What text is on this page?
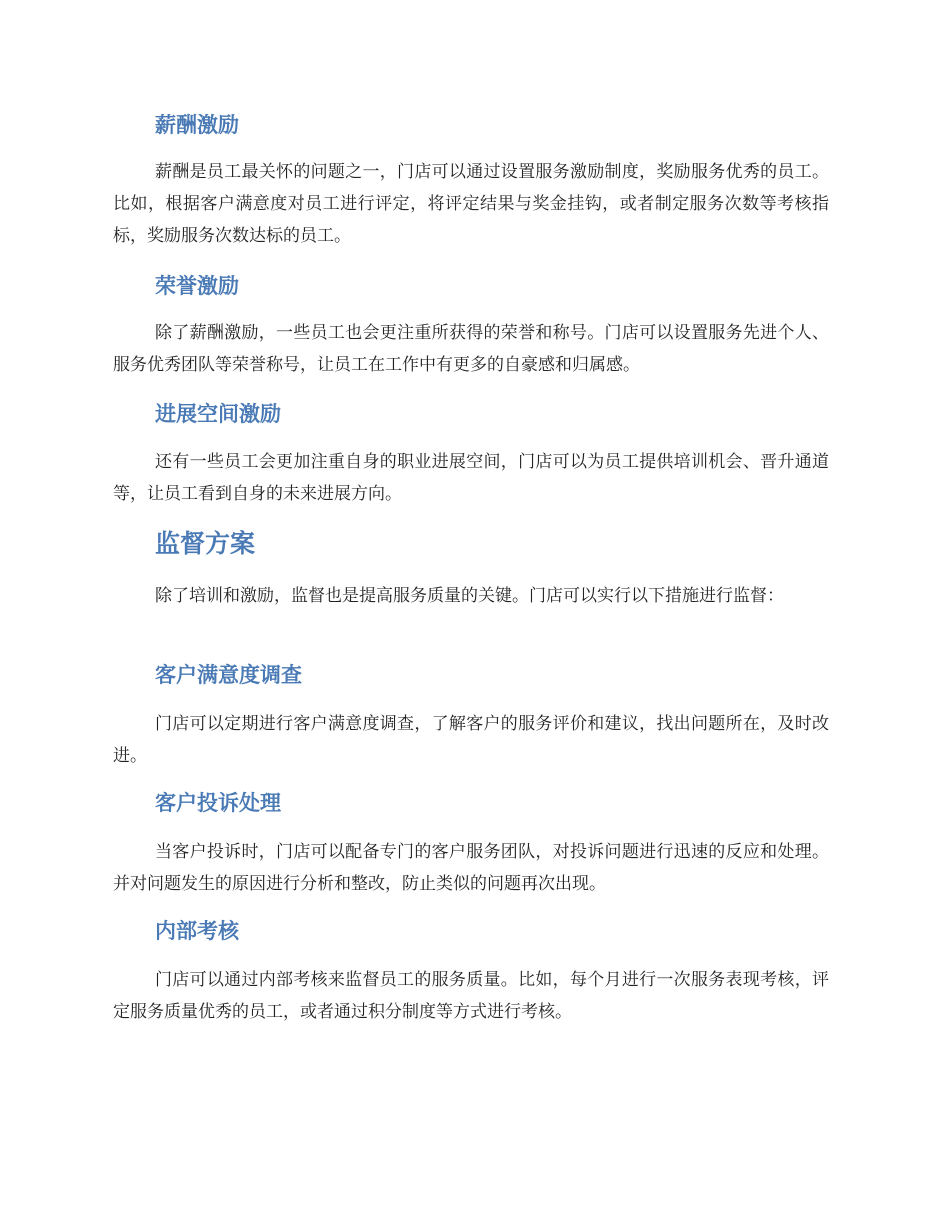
薪酬激励

薪酬是员工最关怀的问题之一，门店可以通过设置服务激励制度，奖励服务优秀的员工。比如，根据客户满意度对员工进行评定，将评定结果与奖金挂钩，或者制定服务次数等考核指标，奖励服务次数达标的员工。

荣誉激励

除了薪酬激励，一些员工也会更注重所获得的荣誉和称号。门店可以设置服务先进个人、服务优秀团队等荣誉称号，让员工在工作中有更多的自豪感和归属感。

进展空间激励

还有一些员工会更加注重自身的职业进展空间，门店可以为员工提供培训机会、晋升通道等，让员工看到自身的未来进展方向。

监督方案

除了培训和激励，监督也是提高服务质量的关键。门店可以实行以下措施进行监督：

客户满意度调查

门店可以定期进行客户满意度调查，了解客户的服务评价和建议，找出问题所在，及时改进。

客户投诉处理

当客户投诉时，门店可以配备专门的客户服务团队，对投诉问题进行迅速的反应和处理。并对问题发生的原因进行分析和整改，防止类似的问题再次出现。

内部考核

门店可以通过内部考核来监督员工的服务质量。比如，每个月进行一次服务表现考核，评定服务质量优秀的员工，或者通过积分制度等方式进行考核。
